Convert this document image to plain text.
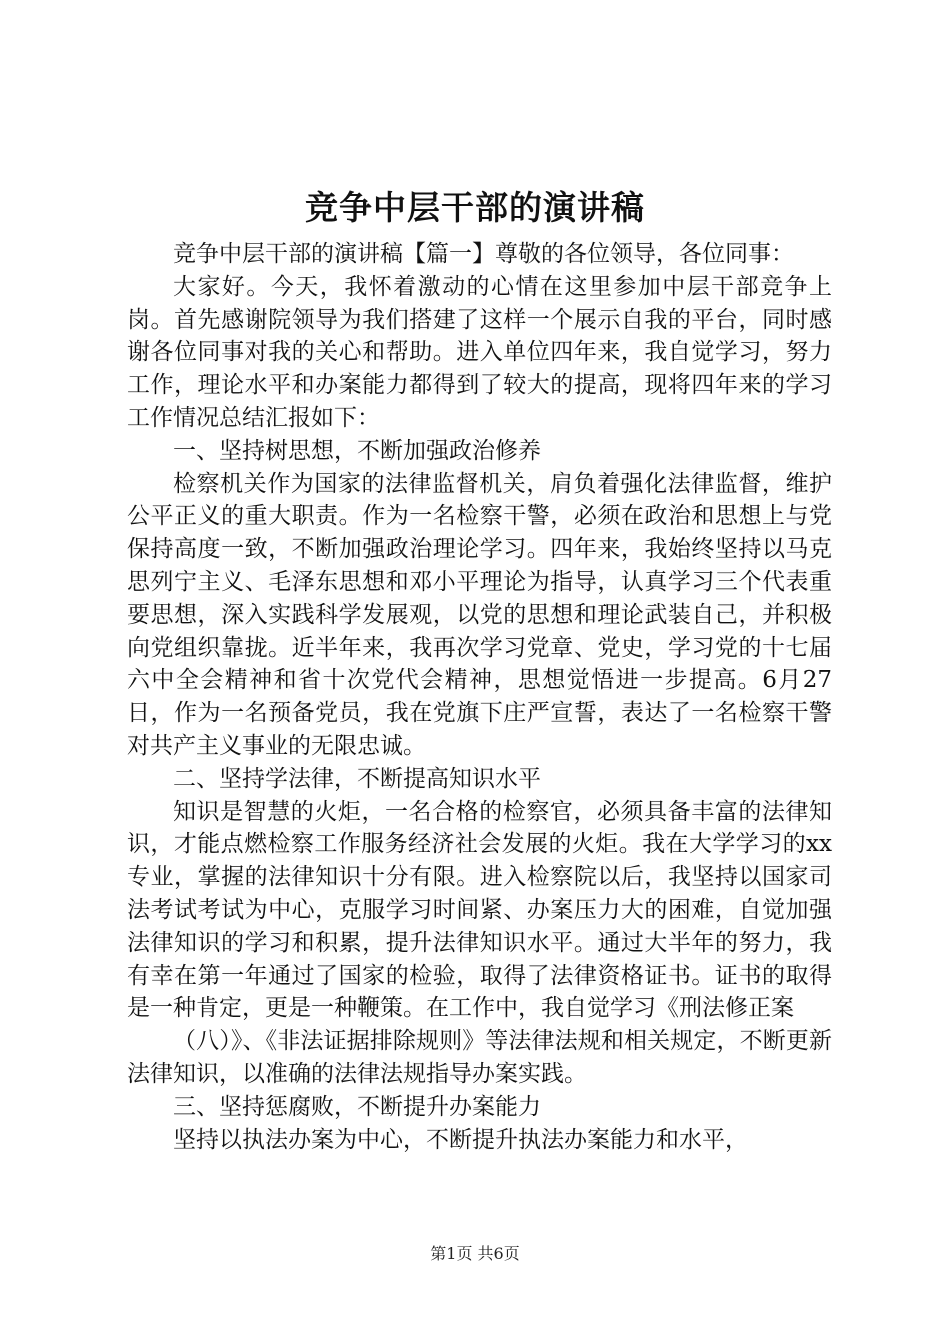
竞争中层干部的演讲稿

竞争中层干部的演讲稿【篇一】尊敬的各位领导，各位同事：

大家好。今天，我怀着激动的心情在这里参加中层干部竞争上岗。首先感谢院领导为我们搭建了这样一个展示自我的平台，同时感谢各位同事对我的关心和帮助。进入单位四年来，我自觉学习，努力工作，理论水平和办案能力都得到了较大的提高，现将四年来的学习工作情况总结汇报如下：

一、坚持树思想，不断加强政治修养

检察机关作为国家的法律监督机关，肩负着强化法律监督，维护公平正义的重大职责。作为一名检察干警，必须在政治和思想上与党保持高度一致，不断加强政治理论学习。四年来，我始终坚持以马克思列宁主义、毛泽东思想和邓小平理论为指导，认真学习三个代表重要思想，深入实践科学发展观，以党的思想和理论武装自己，并积极向党组织靠拢。近半年来，我再次学习党章、党史，学习党的十七届六中全会精神和省十次党代会精神，思想觉悟进一步提高。6月27日，作为一名预备党员，我在党旗下庄严宣誓，表达了一名检察干警对共产主义事业的无限忠诚。

二、坚持学法律，不断提高知识水平

知识是智慧的火炬，一名合格的检察官，必须具备丰富的法律知识，才能点燃检察工作服务经济社会发展的火炬。我在大学学习的xx专业，掌握的法律知识十分有限。进入检察院以后，我坚持以国家司法考试考试为中心，克服学习时间紧、办案压力大的困难，自觉加强法律知识的学习和积累，提升法律知识水平。通过大半年的努力，我有幸在第一年通过了国家的检验，取得了法律资格证书。证书的取得是一种肯定，更是一种鞭策。在工作中，我自觉学习《刑法修正案

（八）》、《非法证据排除规则》等法律法规和相关规定，不断更新法律知识，以准确的法律法规指导办案实践。

三、坚持惩腐败，不断提升办案能力

坚持以执法办案为中心，不断提升执法办案能力和水平，

第1页 共6页
